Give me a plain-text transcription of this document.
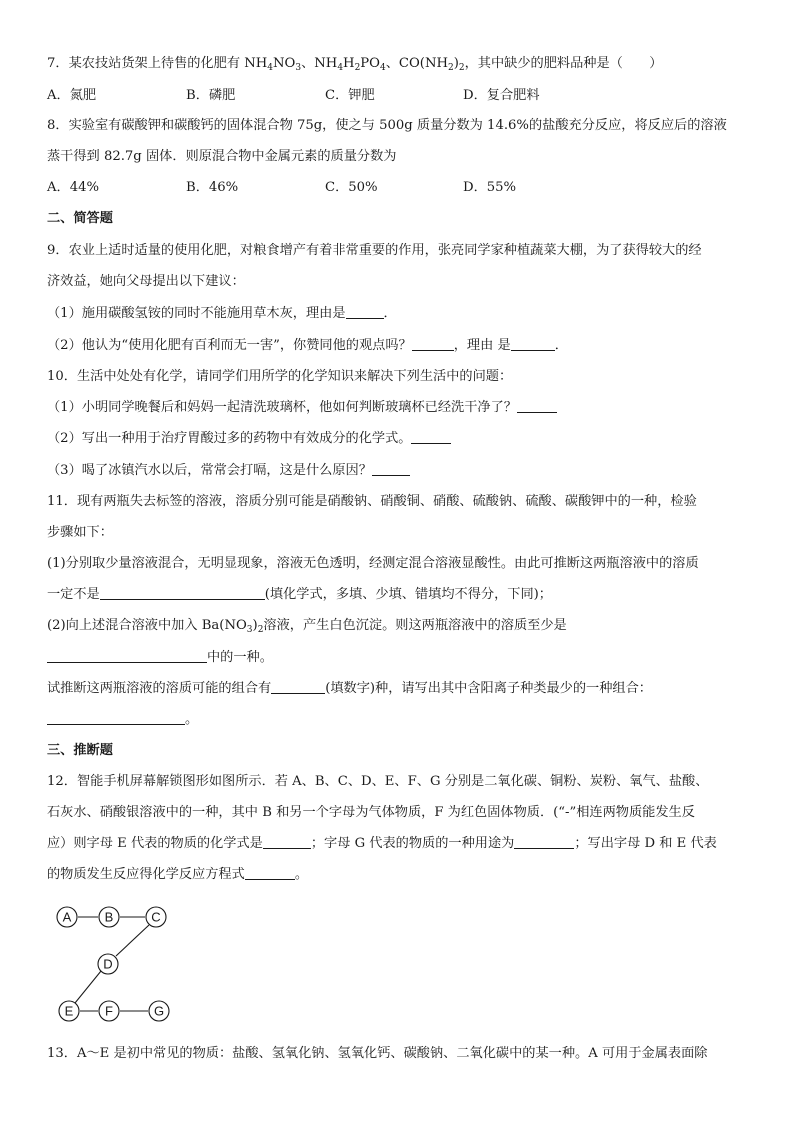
7．某农技站货架上待售的化肥有 $NH_4NO_3$、$NH_4H_2PO_4$、$CO(NH_2)_2$，其中缺少的肥料品种是（　　）
A．氮肥	B．磷肥	C．钾肥	D．复合肥料
8．实验室有碳酸钾和碳酸钙的固体混合物 75g，使之与 500g 质量分数为 14.6%的盐酸充分反应，将反应后的溶液
蒸干得到 82.7g 固体．则原混合物中金属元素的质量分数为
A．44%	B．46%	C．50%	D．55%
二、简答题
9．农业上适时适量的使用化肥，对粮食增产有着非常重要的作用，张亮同学家种植蔬菜大棚，为了获得较大的经
济效益，她向父母提出以下建议：
（1）施用碳酸氢铵的同时不能施用草木灰，理由是	．
（2）他认为“使用化肥有百利而无一害”，你赞同他的观点吗？	，理由 是	．
10．生活中处处有化学，请同学们用所学的化学知识来解决下列生活中的问题：
（1）小明同学晚餐后和妈妈一起清洗玻璃杯，他如何判断玻璃杯已经洗干净了？
（2）写出一种用于治疗胃酸过多的药物中有效成分的化学式。
（3）喝了冰镇汽水以后，常常会打嗝，这是什么原因？
11．现有两瓶失去标签的溶液，溶质分别可能是硝酸钠、硝酸铜、硝酸、硫酸钠、硫酸、碳酸钾中的一种，检验
步骤如下：
(1)分别取少量溶液混合，无明显现象，溶液无色透明，经测定混合溶液显酸性。由此可推断这两瓶溶液中的溶质
一定不是	(填化学式，多填、少填、错填均不得分，下同)；
(2)向上述混合溶液中加入 $Ba(NO_3)_2$溶液，产生白色沉淀。则这两瓶溶液中的溶质至少是
中的一种。
试推断这两瓶溶液的溶质可能的组合有	(填数字)种，请写出其中含阳离子种类最少的一种组合：
。
三、推断题
12．智能手机屏幕解锁图形如图所示．若 A、B、C、D、E、F、G 分别是二氧化碳、铜粉、炭粉、氧气、盐酸、
石灰水、硝酸银溶液中的一种，其中 B 和另一个字母为气体物质，F 为红色固体物质．(“-”相连两物质能发生反
应）则字母 E 代表的物质的化学式是	；字母 G 代表的物质的一种用途为	；写出字母 D 和 E 代表
的物质发生反应得化学反应方程式	。
A	B	C
D
E F	G
13．A～E 是初中常见的物质：盐酸、氢氧化钠、氢氧化钙、碳酸钠、二氧化碳中的某一种。A 可用于金属表面除
